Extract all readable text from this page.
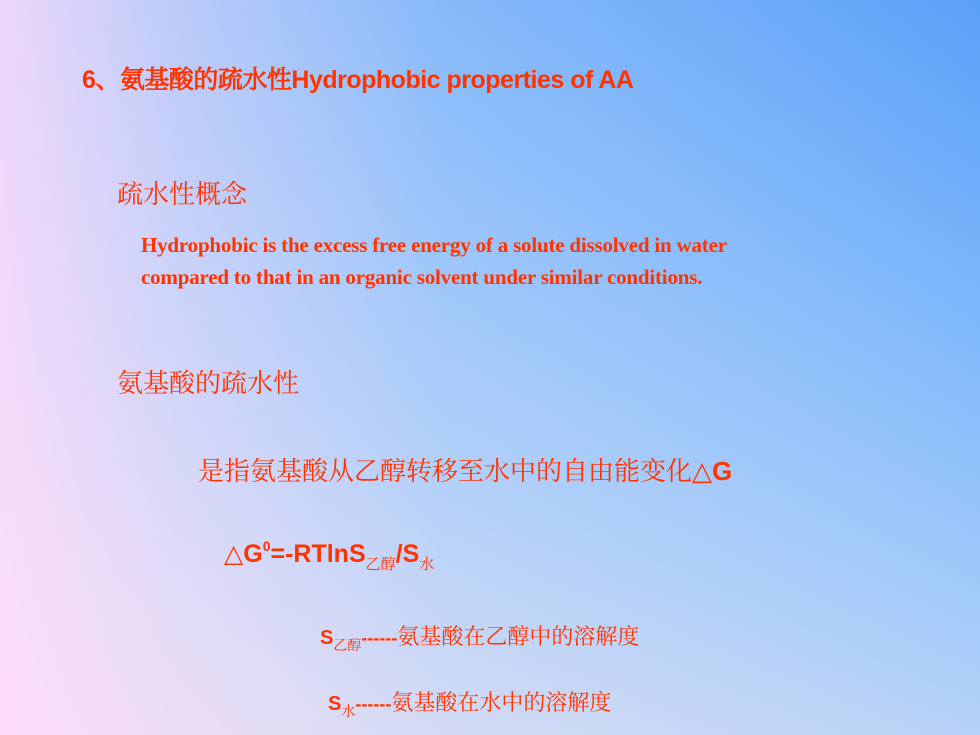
6、氨基酸的疏水性Hydrophobic properties of AA
疏水性概念
Hydrophobic is the excess free energy of a solute dissolved in water
compared to that in an organic solvent under similar conditions.
氨基酸的疏水性
是指氨基酸从乙醇转移至水中的自由能变化△G
$\triangle G^0=-RTlnS_{乙醇}/S_水$
$S_{乙醇}------$氨基酸在乙醇中的溶解度
$S_水------$氨基酸在水中的溶解度
